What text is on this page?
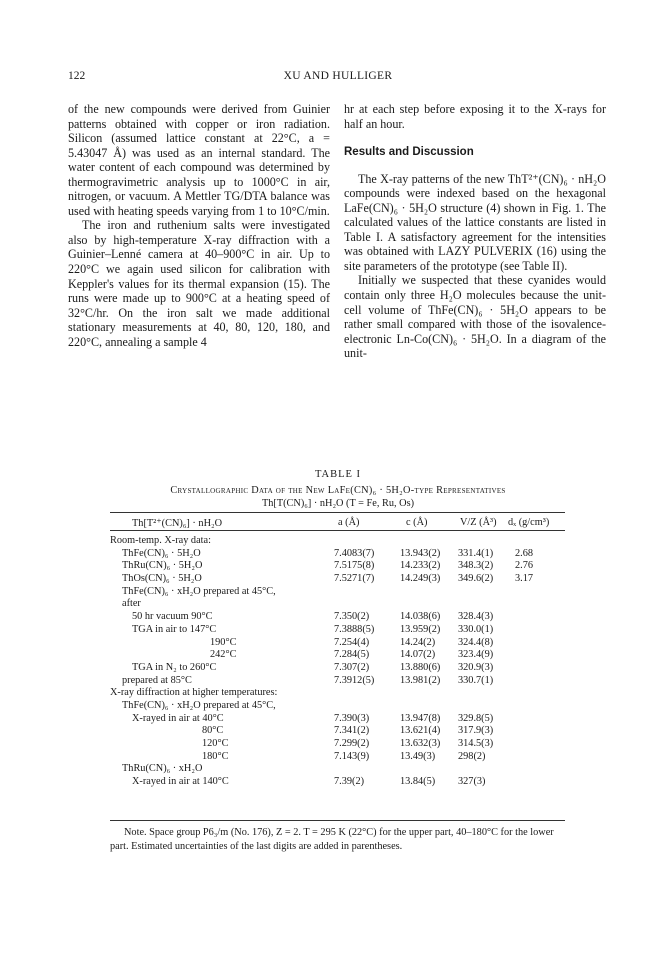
122	XU AND HULLIGER

of the new compounds were derived from Guinier patterns obtained with copper or iron radiation. Silicon (assumed lattice constant at 22°C, a = 5.43047 Å) was used as an internal standard. The water content of each compound was determined by thermogravimetric analysis up to 1000°C in air, nitrogen, or vacuum. A Mettler TG/DTA balance was used with heating speeds varying from 1 to 10°C/min.

The iron and ruthenium salts were investigated also by high-temperature X-ray diffraction with a Guinier–Lenné camera at 40–900°C in air. Up to 220°C we again used silicon for calibration with Keppler's values for its thermal expansion (15). The runs were made up to 900°C at a heating speed of 32°C/hr. On the iron salt we made additional stationary measurements at 40, 80, 120, 180, and 220°C, annealing a sample 4

hr at each step before exposing it to the X-rays for half an hour.

Results and Discussion

The X-ray patterns of the new ThT²⁺(CN)₆ · nH₂O compounds were indexed based on the hexagonal LaFe(CN)₆ · 5H₂O structure (4) shown in Fig. 1. The calculated values of the lattice constants are listed in Table I. A satisfactory agreement for the intensities was obtained with LAZY PULVERIX (16) using the site parameters of the prototype (see Table II).

Initially we suspected that these cyanides would contain only three H₂O molecules because the unit-cell volume of ThFe(CN)₆ · 5H₂O appears to be rather small compared with those of the isovalence-electronic Ln-Co(CN)₆ · 5H₂O. In a diagram of the unit-

TABLE I
Crystallographic Data of the New LaFe(CN)₆ · 5H₂O-type Representatives
Th[T(CN)₆] · nH₂O (T = Fe, Ru, Os)
Room-temp. X-ray data:
ThFe(CN)₆ · 5H₂O	7.4083(7) 13.943(2) 331.4(1) 2.68
ThRu(CN)₆ · 5H₂O	7.5175(8) 14.233(2) 348.3(2) 2.76
ThOs(CN)₆ · 5H₂O	7.5271(7) 14.249(3) 349.6(2) 3.17
ThFe(CN)₆ · xH₂O prepared at 45°C,
after
50 hr vacuum 90°C	7.350(2)	14.038(6) 328.4(3)
TGA in air to 147°C	7.3888(5) 13.959(2) 330.0(1)
190°C	7.254(4)	14.24(2) 324.4(8)
242°C	7.284(5)	14.07(2) 323.4(9)
TGA in N₂ to 260°C	7.307(2)	13.880(6) 320.9(3)
prepared at 85°C	7.3912(5) 13.981(2) 330.7(1)
X-ray diffraction at higher temperatures:
ThFe(CN)₆ · xH₂O prepared at 45°C,
X-rayed in air at 40°C	7.390(3)	13.947(8) 329.8(5)
80°C	7.341(2)	13.621(4) 317.9(3)
120°C	7.299(2)	13.632(3) 314.5(3)
180°C	7.143(9)	13.49(3) 298(2)
ThRu(CN)₆ · xH₂O
X-rayed in air at 140°C	7.39(2)	13.84(5) 327(3)
Note. Space group P6₃/m (No. 176), Z = 2. T = 295 K (22°C) for the upper part, 40–180°C for the lower part. Estimated uncertainties of the last digits are added in parentheses.
Th[T²⁺(CN)₆] · nH₂O	a (Å)	c (Å)	V/Z (Å³) dₓ (g/cm³)
